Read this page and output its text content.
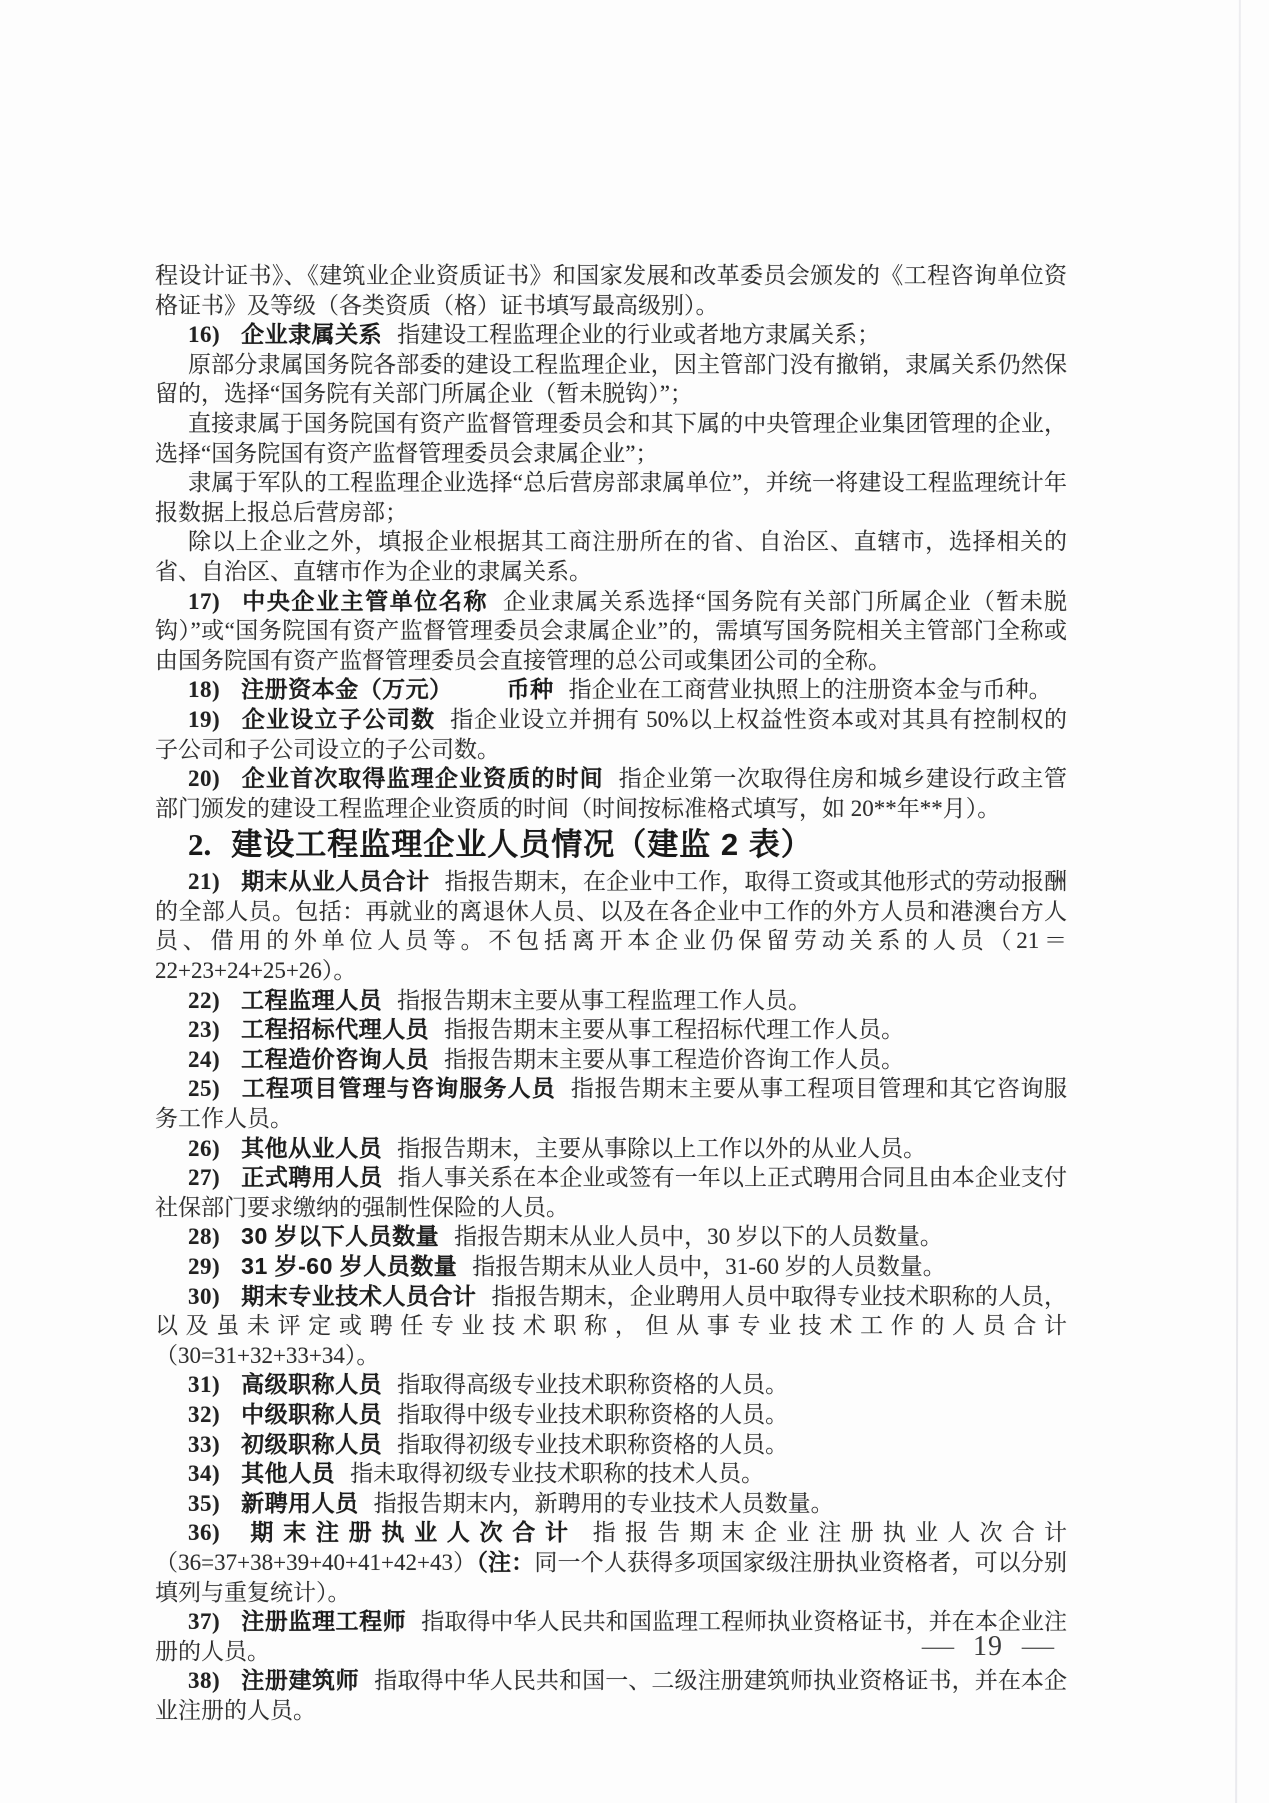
程设计证书》、《建筑业企业资质证书》和国家发展和改革委员会颁发的《工程咨询单位资格证书》及等级（各类资质（格）证书填写最高级别）。

16) 企业隶属关系 指建设工程监理企业的行业或者地方隶属关系；

原部分隶属国务院各部委的建设工程监理企业，因主管部门没有撤销，隶属关系仍然保留的，选择“国务院有关部门所属企业（暂未脱钩）”；

直接隶属于国务院国有资产监督管理委员会和其下属的中央管理企业集团管理的企业，选择“国务院国有资产监督管理委员会隶属企业”；

隶属于军队的工程监理企业选择“总后营房部隶属单位”，并统一将建设工程监理统计年报数据上报总后营房部；

除以上企业之外，填报企业根据其工商注册所在的省、自治区、直辖市，选择相关的省、自治区、直辖市作为企业的隶属关系。

17) 中央企业主管单位名称 企业隶属关系选择“国务院有关部门所属企业（暂未脱钩）”或“国务院国有资产监督管理委员会隶属企业”的，需填写国务院相关主管部门全称或由国务院国有资产监督管理委员会直接管理的总公司或集团公司的全称。

18) 注册资本金（万元） 币种 指企业在工商营业执照上的注册资本金与币种。

19) 企业设立子公司数 指企业设立并拥有 50%以上权益性资本或对其具有控制权的子公司和子公司设立的子公司数。

20) 企业首次取得监理企业资质的时间 指企业第一次取得住房和城乡建设行政主管部门颁发的建设工程监理企业资质的时间（时间按标准格式填写，如 20**年**月）。

2. 建设工程监理企业人员情况（建监 2 表）

21) 期末从业人员合计 指报告期末，在企业中工作，取得工资或其他形式的劳动报酬的全部人员。包括：再就业的离退休人员、以及在各企业中工作的外方人员和港澳台方人员、借用的外单位人员等。不包括离开本企业仍保留劳动关系的人员（21＝22+23+24+25+26）。

22) 工程监理人员 指报告期末主要从事工程监理工作人员。

23) 工程招标代理人员 指报告期末主要从事工程招标代理工作人员。

24) 工程造价咨询人员 指报告期末主要从事工程造价咨询工作人员。

25) 工程项目管理与咨询服务人员 指报告期末主要从事工程项目管理和其它咨询服务工作人员。

26) 其他从业人员 指报告期末，主要从事除以上工作以外的从业人员。

27) 正式聘用人员 指人事关系在本企业或签有一年以上正式聘用合同且由本企业支付社保部门要求缴纳的强制性保险的人员。

28) 30 岁以下人员数量 指报告期末从业人员中，30 岁以下的人员数量。

29) 31 岁-60 岁人员数量 指报告期末从业人员中，31-60 岁的人员数量。

30) 期末专业技术人员合计 指报告期末，企业聘用人员中取得专业技术职称的人员，以及虽未评定或聘任专业技术职称，但从事专业技术工作的人员合计（30=31+32+33+34）。

31) 高级职称人员 指取得高级专业技术职称资格的人员。

32) 中级职称人员 指取得中级专业技术职称资格的人员。

33) 初级职称人员 指取得初级专业技术职称资格的人员。

34) 其他人员 指未取得初级专业技术职称的技术人员。

35) 新聘用人员 指报告期末内，新聘用的专业技术人员数量。

36) 期末注册执业人次合计 指报告期末企业注册执业人次合计（36=37+38+39+40+41+42+43）（注：同一个人获得多项国家级注册执业资格者，可以分别填列与重复统计）。

37) 注册监理工程师 指取得中华人民共和国监理工程师执业资格证书，并在本企业注册的人员。

38) 注册建筑师 指取得中华人民共和国一、二级注册建筑师执业资格证书，并在本企业注册的人员。

— 19 —
